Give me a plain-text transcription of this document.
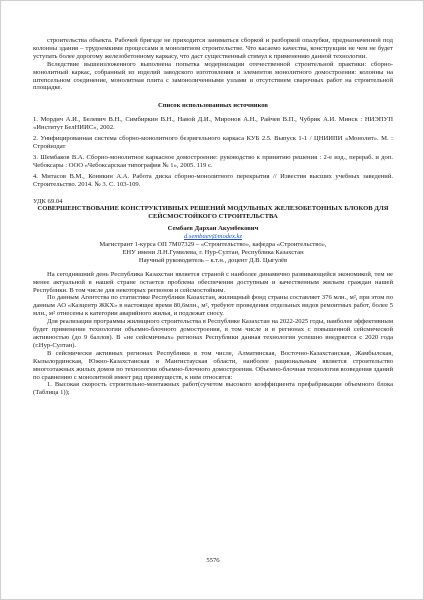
строительства объекта. Рабочей бригаде не приходится заниматься сборкой и разборкой опалубки, предназначенной под колонны здания – трудоемкими процессами в монолитном строительстве. Что касаемо качества, конструкции не чем не будет уступать более дорогому железобетонному каркасу, что даст существенный стимул к применению данной технологии.

Вследствие вышеизложенного выполнена попытка модернизации отечественной строительной практики: сборно-монолитный каркас, собранный из изделий заводского изготовления и элементов монолитного домостроения: колонны на штепсельном соединение, монолитная плита с замоноличенными узлами и отсутствием сварочных работ на строительной площадке.

Список использованных источников

1. Мордич А.И., Белевич В.Н., Симбиркин В.Н., Навой Д.И., Миронов А.Н., Райчев В.П., Чубрик А.И. Минск : НИЭПУП «Институт БелНИИС», 2002.

2. Унифицированная система сборно-монолитного безригельного каркаса КУБ 2.5. Выпуск 1-1 / ЦНИИПИ «Монолит». М. : Стройиздат

3. Шембаков В.А. Сборно-монолитное каркасное домостроение: руководство к принятию решения : 2-е изд., перераб. и доп. Чебоксары : ООО «Чебоксарская типография № 1», 2005. 119 с.

4. Митасов В.М., Коникин А.А. Работа диска сборно-монолитного перекрытия // Известия высших учебных заведений. Строительство. 2014. № 3. С. 103-109.

УДК 69.04

СОВЕРШЕНСТВОВАНИЕ КОНСТРУКТИВНЫХ РЕШЕНИЙ МОДУЛЬНЫХ ЖЕЛЕЗОБЕТОННЫХ БЛОКОВ ДЛЯ СЕЙСМОСТОЙКОГО СТРОИТЕЛЬСТВА

Сембаев Дархан Акумбекович

d.sembaev@modex.kz

Магистрант 1-курса ОП 7М07329 – «Строительство», кафедра «Строительство»,

ЕНУ имени Л.Н.Гумилева, г. Нур-Султан, Республика Казахстан

Научный руководитель – к.т.н., доцент Д.В. Цыгулёв

На сегодняшний день Республика Казахстан является страной с наиболее динамично развивающейся экономикой, тем не менее актуальной в нашей стране остается проблема обеспечения доступным и качественным жильем граждан нашей Республики. В том числе для некоторых регионов и сейсмостойким.

По данным Агентства по статистике Республики Казахстан, жилищный фонд страны составляет 376 млн., м², при этом по данным АО «Казцентр ЖКХ» в настоящее время 80,6млн., м², требуют проведения отдельных видов ремонтных работ, более 5 млн., м² отнесены к категории аварийного жилья, и подлежат сносу.

Для реализации программы жилищного строительства в Республике Казахстан на 2022-2025 годы, наиболее эффективным будет применение технологии объемно-блочного домостроения, в том числе и в регионах с повышенной сейсмической активностью (до 9 баллов). В «не сейсмичных» регионах Республики данная технология успешно внедряется с 2020 года (г.Нур-Султан).

В сейсмически активных регионах Республики в том числе, Алматинская, Восточно-Казахстанская, Жамбылская, Кызылординская, Южно-Казахстанская и Мангистауская области, наиболее рациональным является строительство многоэтажных жилых домов по технологии объемно-блочного домостроения. Объемно-блочная технология возведения зданий по сравнению с монолитной имеет ряд преимуществ, к ним относятся:

1. Высокая скорость строительно-монтажных работ(сучетом высокого коэффициента префабрикации объемного блока (Таблица 1));

5576
